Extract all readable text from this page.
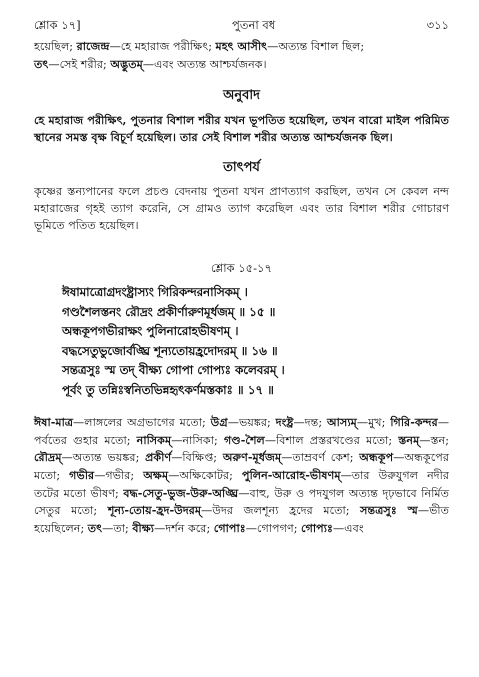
শ্লোক ১৭]	পুতনা বধ	৩১১

হয়েছিল; রাজেন্দ্র—হে মহারাজ পরীক্ষিৎ; মহৎ আসীৎ—অত্যন্ত বিশাল ছিল;
তৎ—সেই শরীর; অদ্ভুতম্—এবং অত্যন্ত আশ্চর্যজনক।

অনুবাদ

হে মহারাজ পরীক্ষিৎ, পুতনার বিশাল শরীর যখন ভূপতিত হয়েছিল, তখন বারো মাইল পরিমিত স্থানের সমস্ত বৃক্ষ বিচূর্ণ হয়েছিল। তার সেই বিশাল শরীর অত্যন্ত আশ্চর্যজনক ছিল।

তাৎপর্য

কৃষ্ণের স্তন্যপানের ফলে প্রচণ্ড বেদনায় পুতনা যখন প্রাণত্যাগ করছিল, তখন সে কেবল নন্দ মহারাজের গৃহই ত্যাগ করেনি, সে গ্রামও ত্যাগ করেছিল এবং তার বিশাল শরীর গোচারণ ভূমিতে পতিত হয়েছিল।

শ্লোক ১৫-১৭
ঈষামাত্রোগ্রদংষ্ট্রাস্যং গিরিকন্দরনাসিকম্ ।
গণ্ডশৈলস্তনং রৌদ্রং প্রকীর্ণারুণমূর্ধজম্ ॥ ১৫ ॥
অন্ধকূপগভীরাক্ষং পুলিনারোহভীষণম্ ।
বদ্ধসেতুভুজোর্বঙ্ঘ্রি শূন্যতোয়হ্রদোদরম্ ॥ ১৬ ॥
সন্তত্রসুঃ স্ম তদ্ বীক্ষ্য গোপা গোপ্যঃ কলেবরম্ ।
পূর্বং তু তন্নিঃস্বনিতভিন্নহৃৎকর্ণমস্তকাঃ ॥ ১৭ ॥

ঈষা-মাত্র—লাঙ্গলের অগ্রভাগের মতো; উগ্র—ভয়ঙ্কর; দংষ্ট্র—দন্ত; আস্যম্—মুখ; গিরি-কন্দর—পর্বতের গুহার মতো; নাসিকম্—নাসিকা; গণ্ড-শৈল—বিশাল প্রস্তরখণ্ডের মতো; স্তনম্—স্তন; রৌদ্রম্—অত্যন্ত ভয়ঙ্কর; প্রকীর্ণ—বিক্ষিপ্ত; অরুণ-মূর্ধজম্—তাম্রবর্ণ কেশ; অন্ধকূপ—অন্ধকূপের মতো; গভীর—গভীর; অক্ষম্—অক্ষিকোটর; পুলিন-আরোহ-ভীষণম্—তার উরুযুগল নদীর তটের মতো ভীষণ; বদ্ধ-সেতু-ভুজ-উরু-অঙ্ঘ্রি—বাহু, উরু ও পদযুগল অত্যন্ত দৃঢ়ভাবে নির্মিত সেতুর মতো; শূন্য-তোয়-হ্রদ-উদরম্—উদর জলশূন্য হ্রদের মতো; সন্তত্রসুঃ স্ম—ভীত হয়েছিলেন; তৎ—তা; বীক্ষ্য—দর্শন করে; গোপাঃ—গোপগণ; গোপ্যঃ—এবং
